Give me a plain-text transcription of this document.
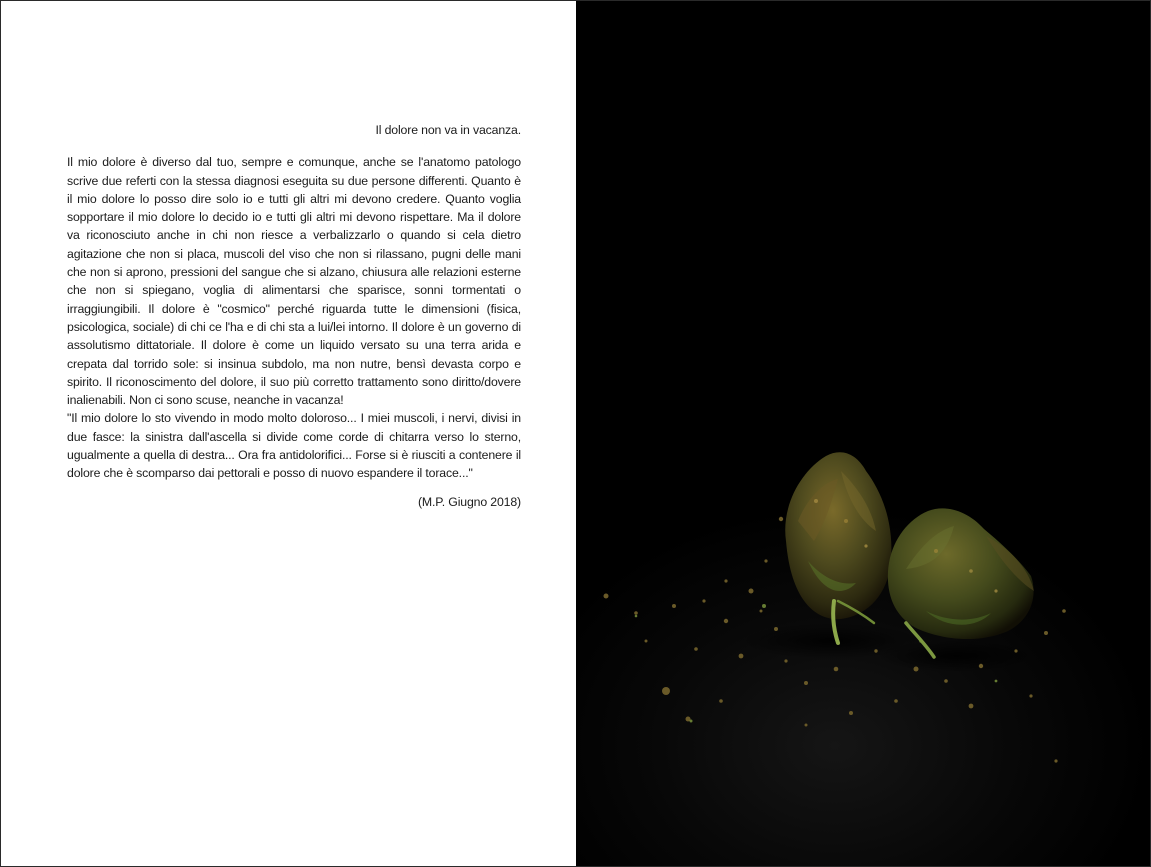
Il dolore non va in vacanza.

Il mio dolore è diverso dal tuo, sempre e comunque, anche se l'anatomo patologo scrive due referti con la stessa diagnosi eseguita su due persone differenti. Quanto è il mio dolore lo posso dire solo io e tutti gli altri mi devono credere. Quanto voglia sopportare il mio dolore lo decido io e tutti gli altri mi devono rispettare. Ma il dolore va riconosciuto anche in chi non riesce a verbalizzarlo o quando si cela dietro agitazione che non si placa, muscoli del viso che non si rilassano, pugni delle mani che non si aprono, pressioni del sangue che si alzano, chiusura alle relazioni esterne che non si spiegano, voglia di alimentarsi che sparisce, sonni tormentati o irraggiungibili. Il dolore è "cosmico" perché riguarda tutte le dimensioni (fisica, psicologica, sociale) di chi ce l'ha e di chi sta a lui/lei intorno. Il dolore è un governo di assolutismo dittatoriale. Il dolore è come un liquido versato su una terra arida e crepata dal torrido sole: si insinua subdolo, ma non nutre, bensì devasta corpo e spirito. Il riconoscimento del dolore, il suo più corretto trattamento sono diritto/dovere inalienabili. Non ci sono scuse, neanche in vacanza!

"Il mio dolore lo sto vivendo in modo molto doloroso... I miei muscoli, i nervi, divisi in due fasce: la sinistra dall'ascella si divide come corde di chitarra verso lo sterno, ugualmente a quella di destra... Ora fra antidolorifici... Forse si è riusciti a contenere il dolore che è scomparso dai pettorali e posso di nuovo espandere il torace..."

(M.P. Giugno 2018)
